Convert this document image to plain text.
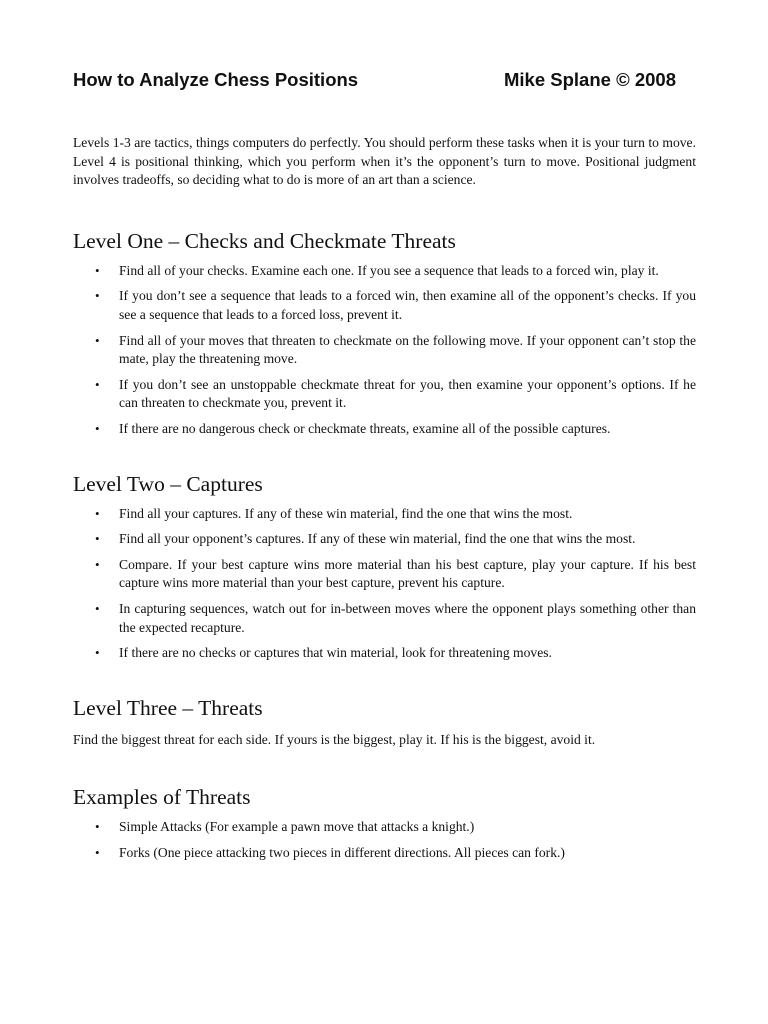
How to Analyze Chess Positions	Mike Splane © 2008

Levels 1-3 are tactics, things computers do perfectly. You should perform these tasks when it is your turn to move. Level 4 is positional thinking, which you perform when it’s the opponent’s turn to move. Positional judgment involves tradeoffs, so deciding what to do is more of an art than a science.

Level One – Checks and Checkmate Threats
• Find all of your checks. Examine each one. If you see a sequence that leads to a forced win, play it.
• If you don’t see a sequence that leads to a forced win, then examine all of the opponent’s checks. If you see a sequence that leads to a forced loss, prevent it.
• Find all of your moves that threaten to checkmate on the following move. If your opponent can’t stop the mate, play the threatening move.
• If you don’t see an unstoppable checkmate threat for you, then examine your opponent’s options. If he can threaten to checkmate you, prevent it.
• If there are no dangerous check or checkmate threats, examine all of the possible captures.
Level Two – Captures
• Find all your captures. If any of these win material, find the one that wins the most.
• Find all your opponent’s captures. If any of these win material, find the one that wins the most.
• Compare. If your best capture wins more material than his best capture, play your capture. If his best capture wins more material than your best capture, prevent his capture.
• In capturing sequences, watch out for in-between moves where the opponent plays something other than the expected recapture.
• If there are no checks or captures that win material, look for threatening moves.
Level Three – Threats

Find the biggest threat for each side. If yours is the biggest, play it. If his is the biggest, avoid it.

Examples of Threats
• Simple Attacks (For example a pawn move that attacks a knight.)
• Forks (One piece attacking two pieces in different directions. All pieces can fork.)
